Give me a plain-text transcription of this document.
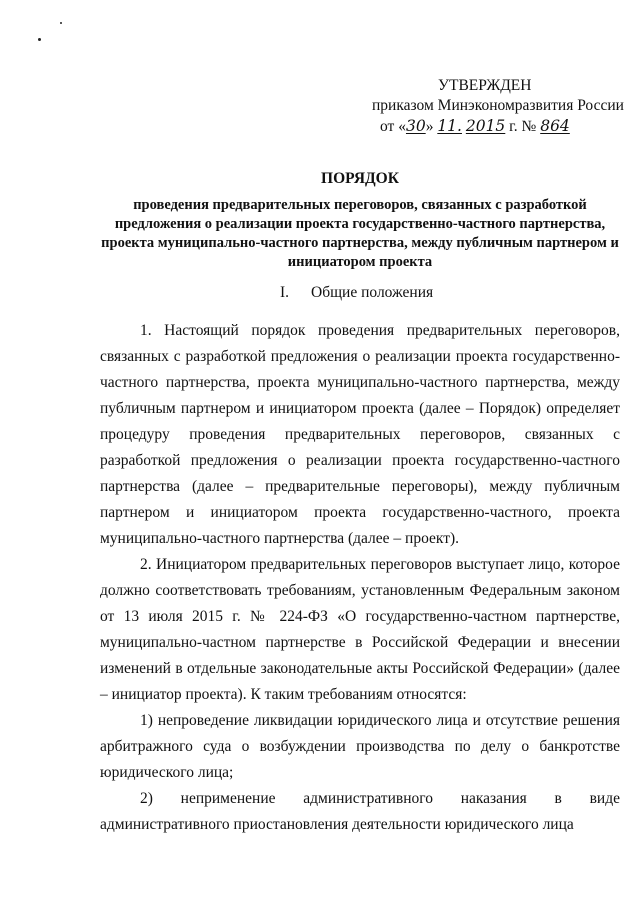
УТВЕРЖДЕН
приказом Минэкономразвития России
от «30» 11. 2015 г. № 864
ПОРЯДОК
проведения предварительных переговоров, связанных с разработкой предложения о реализации проекта государственно-частного партнерства, проекта муниципально-частного партнерства, между публичным партнером и инициатором проекта
I. Общие положения

1. Настоящий порядок проведения предварительных переговоров, связанных с разработкой предложения о реализации проекта государственно-частного партнерства, проекта муниципально-частного партнерства, между публичным партнером и инициатором проекта (далее – Порядок) определяет процедуру проведения предварительных переговоров, связанных с разработкой предложения о реализации проекта государственно-частного партнерства (далее – предварительные переговоры), между публичным партнером и инициатором проекта государственно-частного, проекта муниципально-частного партнерства (далее – проект).

2. Инициатором предварительных переговоров выступает лицо, которое должно соответствовать требованиям, установленным Федеральным законом от 13 июля 2015 г. № 224-ФЗ «О государственно-частном партнерстве, муниципально-частном партнерстве в Российской Федерации и внесении изменений в отдельные законодательные акты Российской Федерации» (далее – инициатор проекта). К таким требованиям относятся:

1) непроведение ликвидации юридического лица и отсутствие решения арбитражного суда о возбуждении производства по делу о банкротстве юридического лица;

2) неприменение административного наказания в виде административного приостановления деятельности юридического лица
